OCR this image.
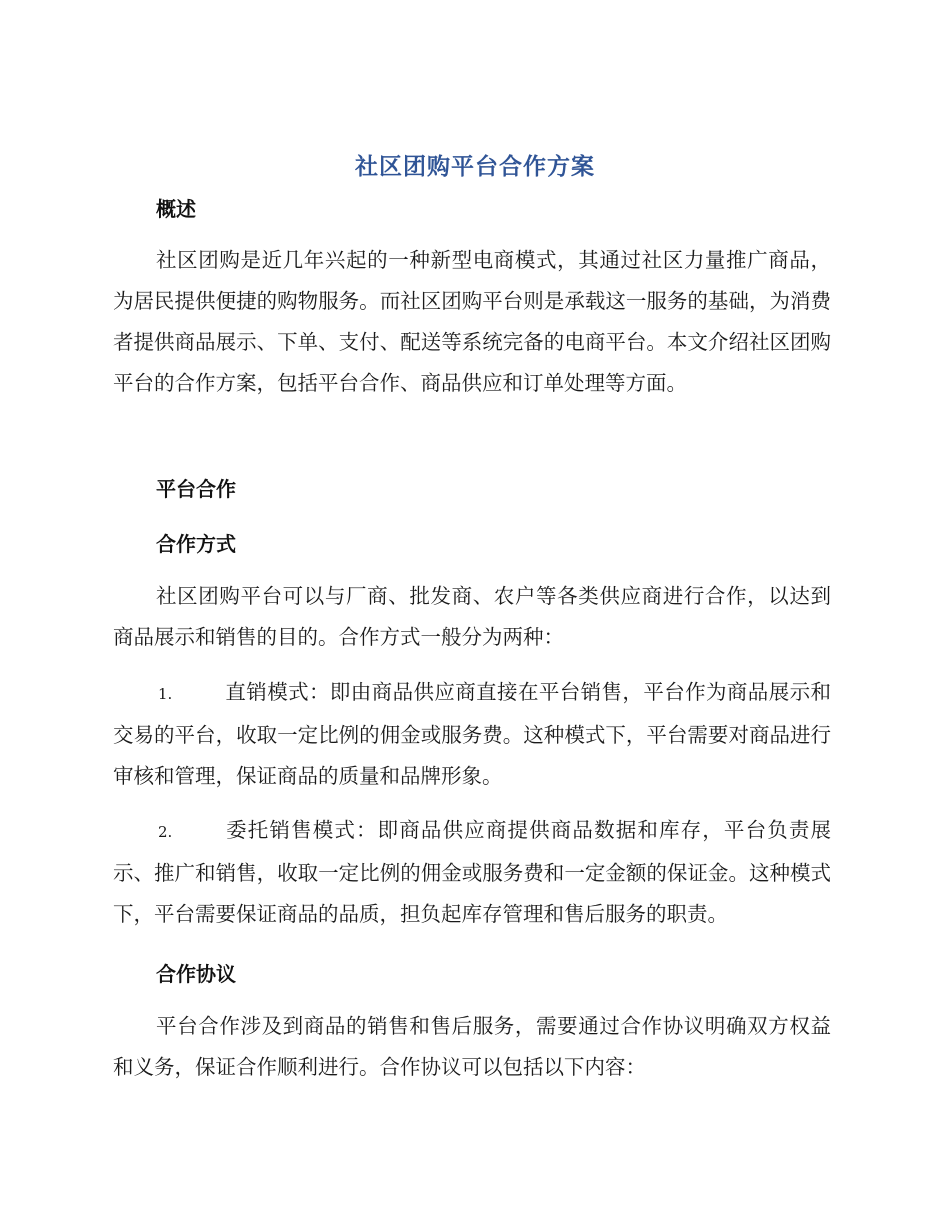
社区团购平台合作方案
概述

社区团购是近几年兴起的一种新型电商模式，其通过社区力量推广商品，为居民提供便捷的购物服务。而社区团购平台则是承载这一服务的基础，为消费者提供商品展示、下单、支付、配送等系统完备的电商平台。本文介绍社区团购平台的合作方案，包括平台合作、商品供应和订单处理等方面。

平台合作
合作方式

社区团购平台可以与厂商、批发商、农户等各类供应商进行合作，以达到商品展示和销售的目的。合作方式一般分为两种：

1.	直销模式：即由商品供应商直接在平台销售，平台作为商品展示和交易的平台，收取一定比例的佣金或服务费。这种模式下，平台需要对商品进行审核和管理，保证商品的质量和品牌形象。

2.	委托销售模式：即商品供应商提供商品数据和库存，平台负责展示、推广和销售，收取一定比例的佣金或服务费和一定金额的保证金。这种模式下，平台需要保证商品的品质，担负起库存管理和售后服务的职责。

合作协议

平台合作涉及到商品的销售和售后服务，需要通过合作协议明确双方权益和义务，保证合作顺利进行。合作协议可以包括以下内容：
